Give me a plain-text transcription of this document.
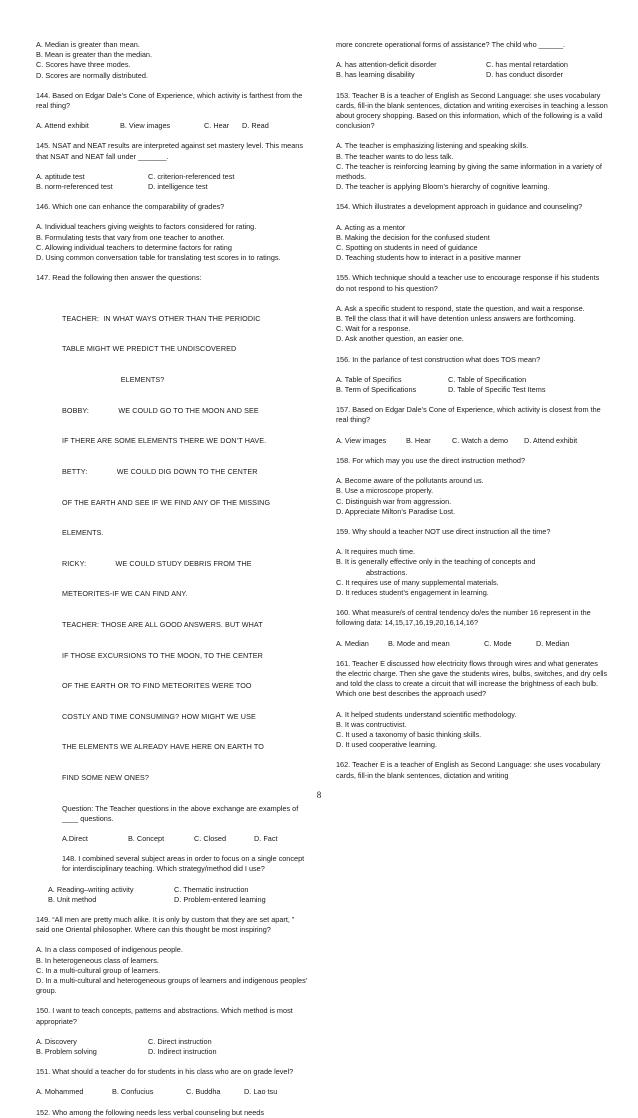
A. Median is greater than mean.

B. Mean is greater than the median.

C. Scores have three modes.

D. Scores are normally distributed.

144. Based on Edgar Dale’s Cone of Experience, which activity is farthest from the real thing?

A. Attend exhibit	B. View images	C. Hear	D. Read

145. NSAT and NEAT results are interpreted against set mastery level. This means that NSAT and NEAT fall under _______.

A. aptitude test	C. criterion-referenced test
B. norm-referenced test	D. intelligence test

146. Which one can enhance the comparability of grades?

A. Individual teachers giving weights to factors considered for rating.

B. Formulating tests that vary from one teacher to another.

C. Allowing individual teachers to determine factors for rating

D. Using common conversation table for translating test scores in to ratings.

147. Read the following then answer the questions:

TEACHER:  IN WHAT WAYS OTHER THAN THE PERIODIC

TABLE MIGHT WE PREDICT THE UNDISCOVERED

ELEMENTS?

BOBBY:              WE COULD GO TO THE MOON AND SEE

IF THERE ARE SOME ELEMENTS THERE WE DON’T HAVE.

BETTY:              WE COULD DIG DOWN TO THE CENTER

OF THE EARTH AND SEE IF WE FIND ANY OF THE MISSING

ELEMENTS.

RICKY:              WE COULD STUDY DEBRIS FROM THE

METEORITES-IF WE CAN FIND ANY.

TEACHER: THOSE ARE ALL GOOD ANSWERS. BUT WHAT

IF THOSE EXCURSIONS TO THE MOON, TO THE CENTER

OF THE EARTH OR TO FIND METEORITES WERE TOO

COSTLY AND TIME CONSUMING? HOW MIGHT WE USE

THE ELEMENTS WE ALREADY HAVE HERE ON EARTH TO

FIND SOME NEW ONES?

Question: The Teacher questions in the above exchange are examples of ____ questions.

A.Direct	B. Concept	C. Closed	D. Fact

148. I combined several subject areas in order to focus on a single concept for interdisciplinary teaching. Which strategy/method did I use?

A. Reading–writing activity	C. Thematic instruction
B. Unit method	D. Problem-entered learning

149. “All men are pretty much alike. It is only by custom that they are set apart, ” said one Oriental philosopher. Where can this thought be most inspiring?

A. In a class composed of indigenous people.

B. In heterogeneous class of learners.

C. In a multi-cultural group of learners.

D. In a multi-cultural and heterogeneous groups of learners and indigenous peoples’ group.

150. I want to teach concepts, patterns and abstractions. Which method is most appropriate?

A. Discovery	C. Direct instruction
B. Problem solving	D. Indirect instruction

151. What should a teacher do for students in his class who are on grade level?

A. Mohammed	B. Confucius	C. Buddha	D. Lao tsu

152. Who among the following needs less verbal counseling but needs

more concrete operational forms of assistance? The child who ______.

A. has attention-deficit disorder	C. has mental retardation
B. has learning disability	D. has conduct disorder

153. Teacher B is a teacher of English as Second Language: she uses vocabulary cards, fill-in the blank sentences, dictation and writing exercises in teaching a lesson about grocery shopping. Based on this information, which of the following is a valid conclusion?

A. The teacher is emphasizing listening and speaking skills.

B. The teacher wants to do less talk.

C. The teacher is reinforcing learning by giving the same information in a variety of methods.

D. The teacher is applying Bloom’s hierarchy of cognitive learning.

154. Which illustrates a development approach in guidance and counseling?

A. Acting as a mentor

B. Making the decision for the confused student

C. Spotting on students in need of guidance

D. Teaching students how to interact in a positive manner

155. Which technique should a teacher use to encourage response if his students do not respond to his question?

A. Ask a specific student to respond, state the question, and wait a response.

B. Tell the class that it will have detention unless answers are forthcoming.

C. Wait for a response.

D. Ask another question, an easier one.

156. In the parlance of test construction what does TOS mean?

A. Table of Specifics	C. Table of Specification
B. Term of Specifications	D. Table of Specific Test Items

157. Based on Edgar Dale’s Cone of Experience, which activity is closest from the real thing?

A. View images	B. Hear	C. Watch a demo	D. Attend exhibit

158. For which may you use the direct instruction method?

A. Become aware of the pollutants around us.

B. Use a microscope properly.

C. Distinguish war from aggression.

D. Appreciate Milton’s Paradise Lost.

159. Why should a teacher NOT use direct instruction all the time?

A. It requires much time.

B. It is generally effective only in the teaching of concepts and

abstractions.

C. It requires use of many supplemental materials.

D. It reduces student’s engagement in learning.

160. What measure/s of central tendency do/es the number 16 represent in the following data: 14,15,17,16,19,20,16,14,16?

A. Median	B. Mode and mean	C. Mode	D. Median

161. Teacher E discussed how electricity flows through wires and what generates the electric charge. Then she gave the students wires, bulbs, switches, and dry cells and told the class to create a circuit that will increase the brightness of each bulb. Which one best describes the approach used?

A. It helped students understand scientific methodology.

B. It was contructivist.

C. It used a taxonomy of basic thinking skills.

D. It used cooperative learning.

162. Teacher E is a teacher of English as Second Language: she uses vocabulary cards, fill-in the blank sentences, dictation and writing

8
